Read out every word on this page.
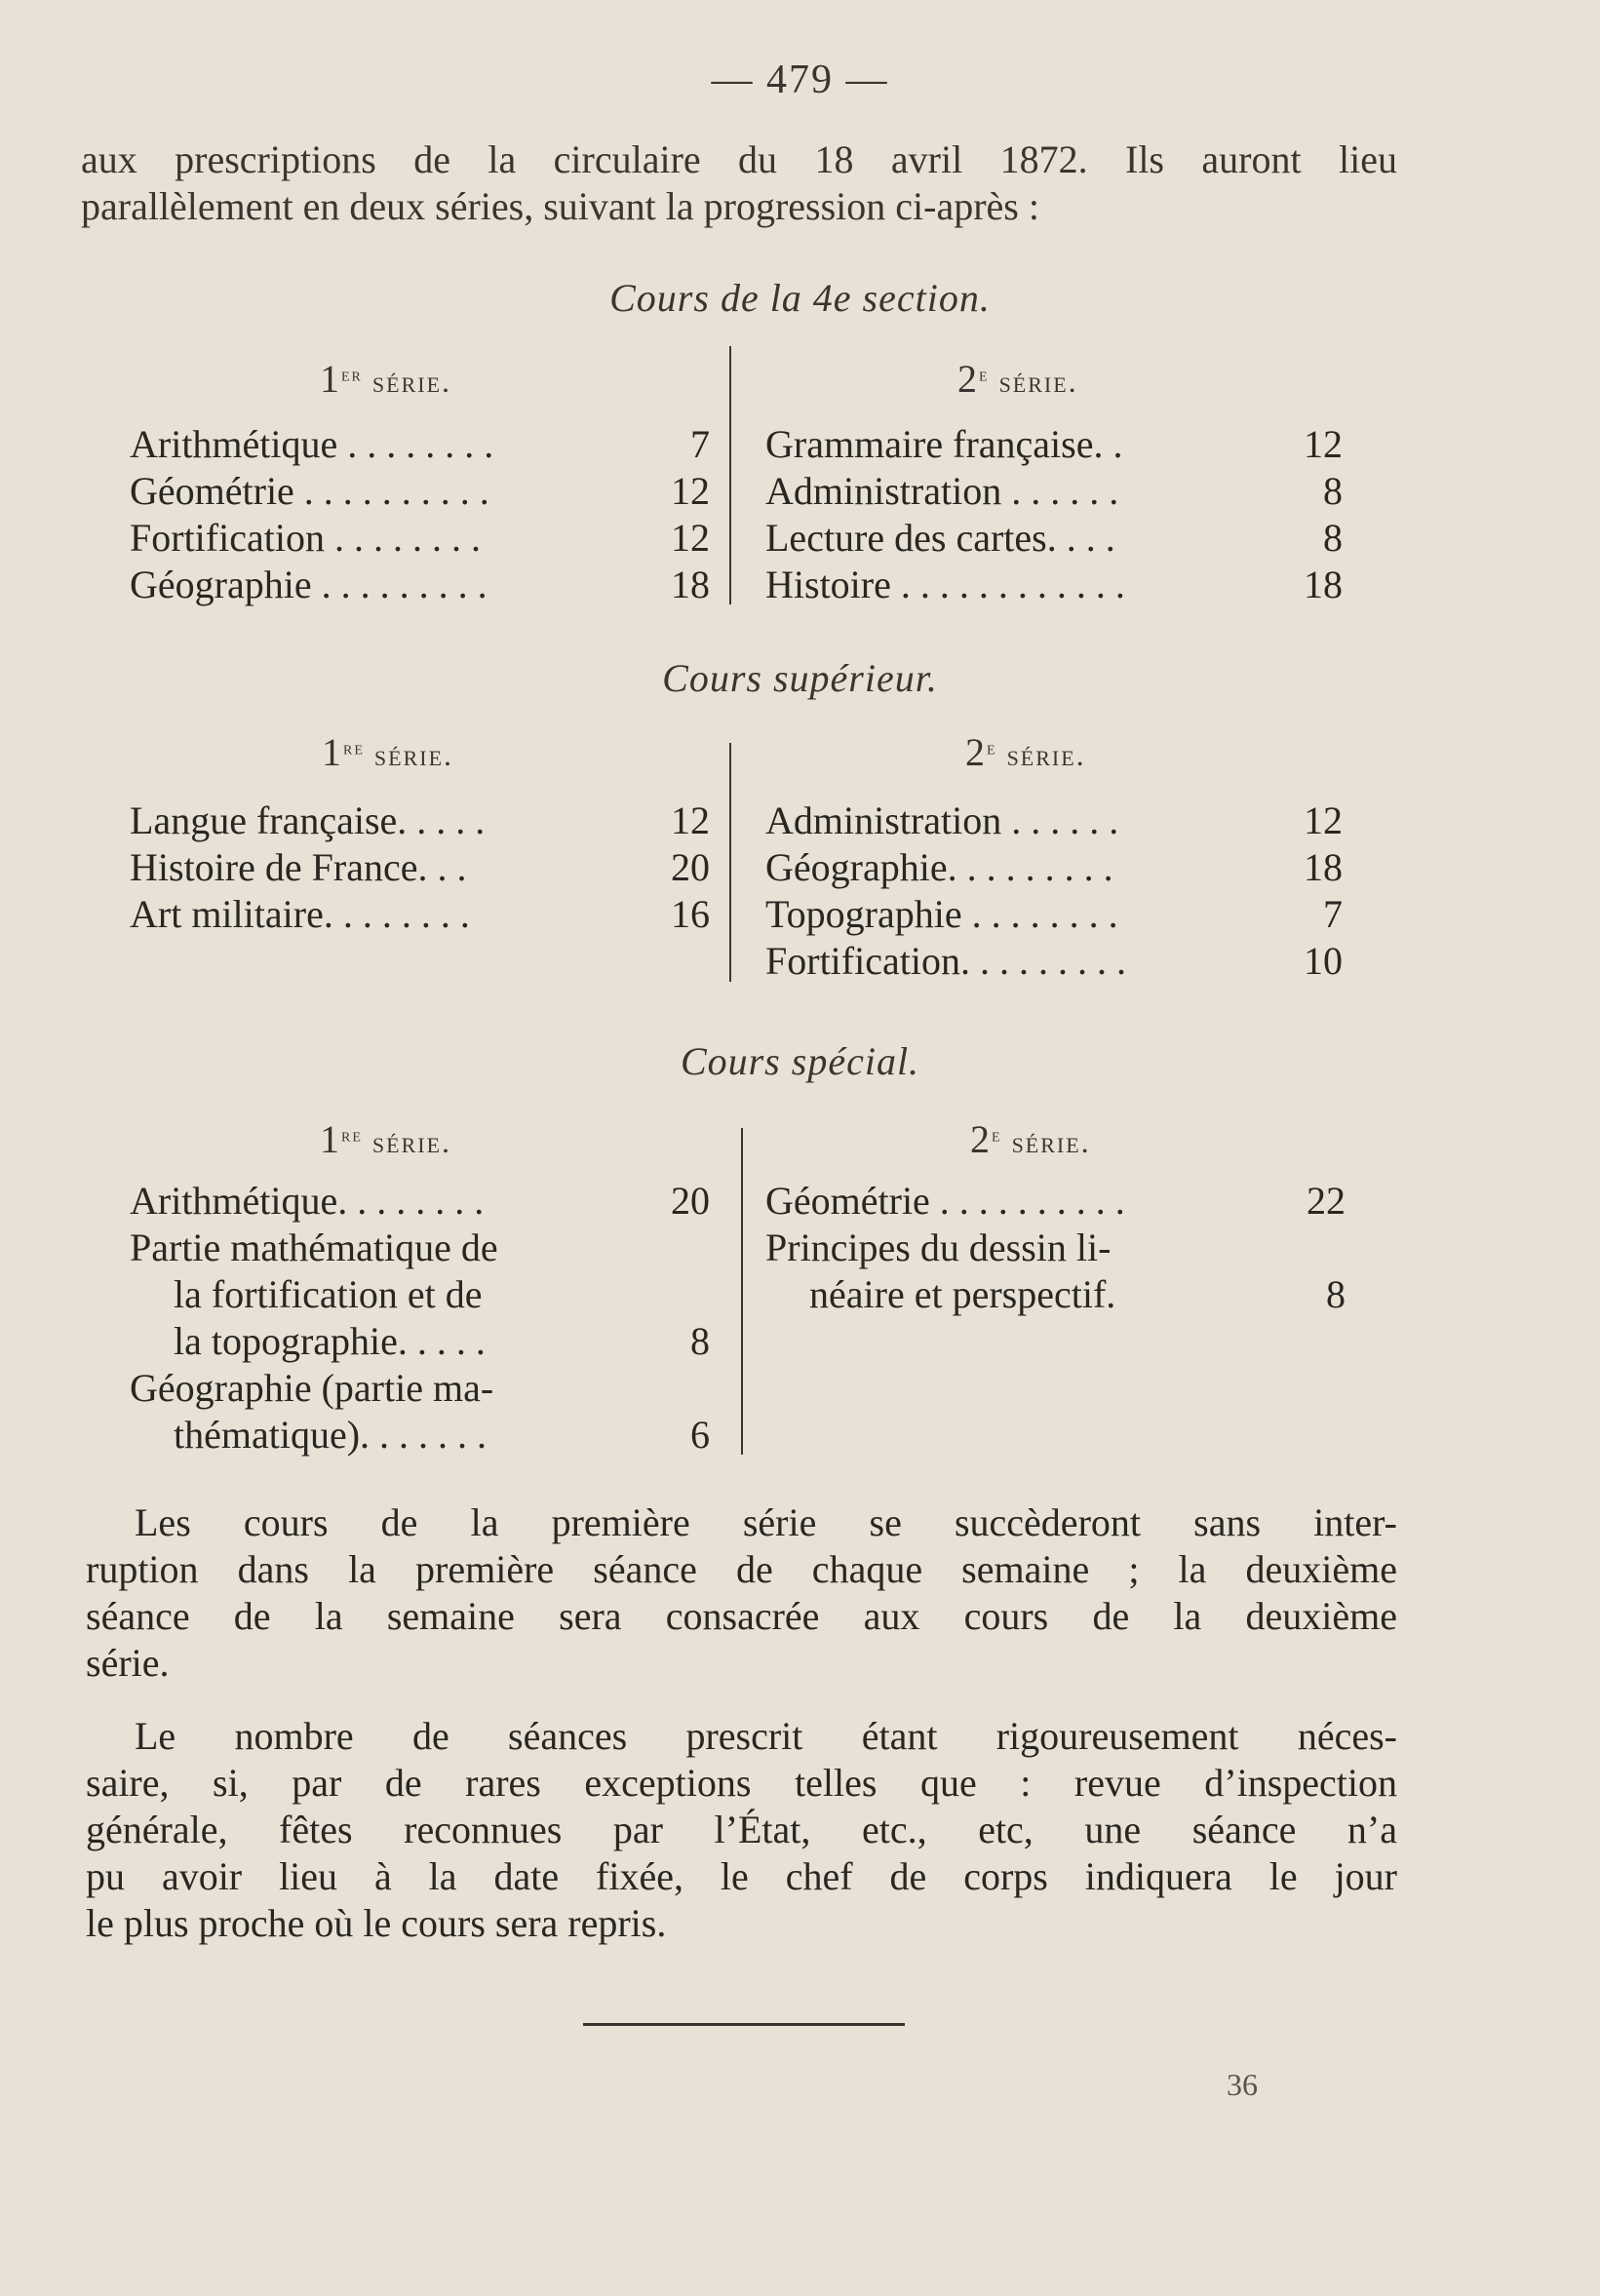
— 479 —
aux prescriptions de la circulaire du 18 avril 1872. Ils auront lieu
parallèlement en deux séries, suivant la progression ci-après :
Cours de la 4e section.
1er série.	2e série.
Arithmétique . . . . . . . .	7
Géométrie . . . . . . . . . .	12
Fortification . . . . . . . .	12
Géographie . . . . . . . . .	18
Grammaire française. .	12
Administration . . . . . .	8
Lecture des cartes. . . .	8
Histoire . . . . . . . . . . . .	18
Cours supérieur.
1re série.	2e série.
Langue française. . . . .	12
Histoire de France. . .	20
Art militaire. . . . . . . .	16
Administration . . . . . .	12
Géographie. . . . . . . . .	18
Topographie . . . . . . . .	7
Fortification. . . . . . . . .	10
Cours spécial.
1re série.	2e série.
Arithmétique. . . . . . . .	20
Partie mathématique de
la fortification et de
la topographie. . . . .	8
Géographie (partie ma-
thématique). . . . . . .	6
Géométrie . . . . . . . . . .	22
Principes du dessin li-
néaire et perspectif.	8
Les cours de la première série se succèderont sans inter-
ruption dans la première séance de chaque semaine ; la deuxième
séance de la semaine sera consacrée aux cours de la deuxième
série.
Le nombre de séances prescrit étant rigoureusement néces-
saire, si, par de rares exceptions telles que : revue d’inspection
générale, fêtes reconnues par l’État, etc., etc, une séance n’a
pu avoir lieu à la date fixée, le chef de corps indiquera le jour
le plus proche où le cours sera repris.
36
